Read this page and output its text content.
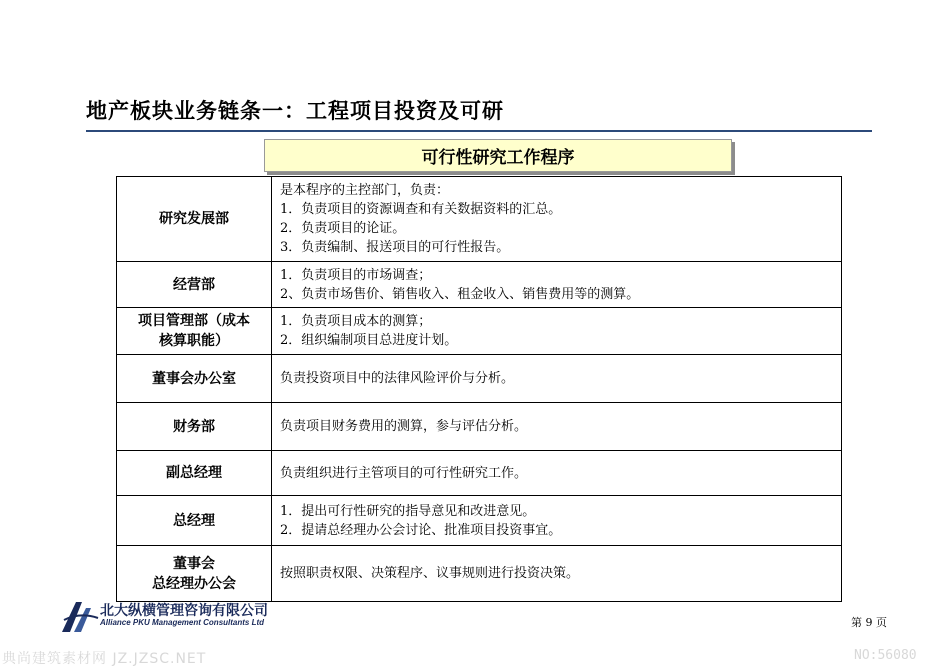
地产板块业务链条一：工程项目投资及可研
可行性研究工作程序
研究发展部	是本程序的主控部门，负责：
1．负责项目的资源调查和有关数据资料的汇总。
2．负责项目的论证。
3．负责编制、报送项目的可行性报告。

经营部	1．负责项目的市场调查；
2、负责市场售价、销售收入、租金收入、销售费用等的测算。

项目管理部（成本
核算职能）	1．负责项目成本的测算；
2．组织编制项目总进度计划。

董事会办公室	负责投资项目中的法律风险评价与分析。

财务部	负责项目财务费用的测算，参与评估分析。

副总经理	负责组织进行主管项目的可行性研究工作。

总经理	1．提出可行性研究的指导意见和改进意见。
2．提请总经理办公会讨论、批准项目投资事宜。

董事会
总经理办公会	按照职责权限、决策程序、议事规则进行投资决策。
北大纵横管理咨询有限公司
Alliance PKU Management Consultants Ltd	第 9 页
典尚建筑素材网 JZ.JZSC.NET	NO:56080
